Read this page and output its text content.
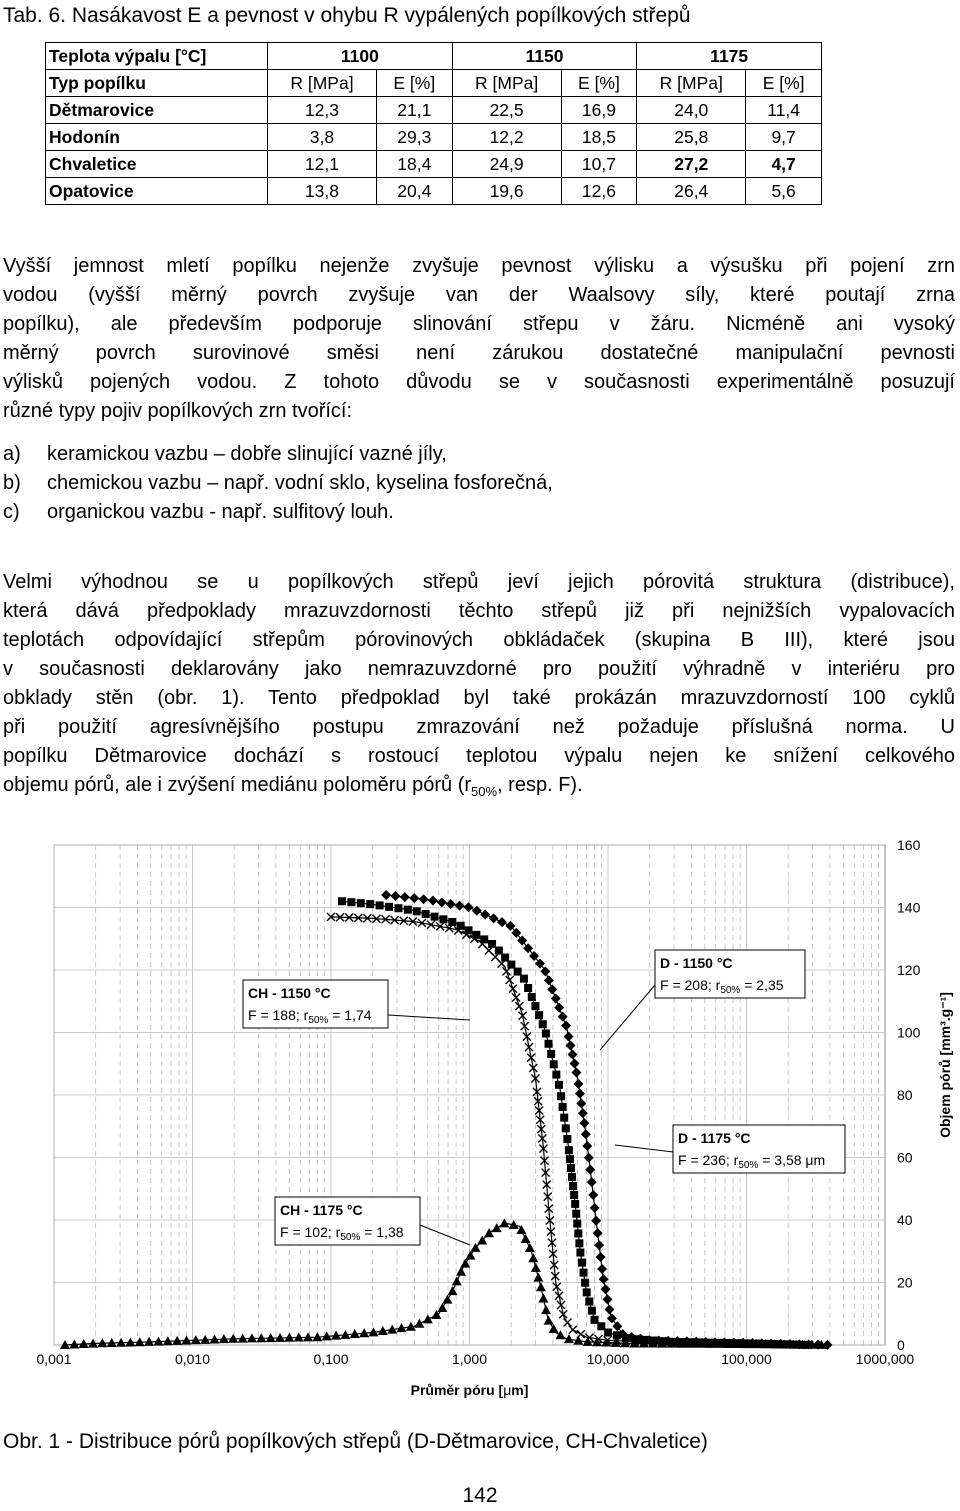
Tab. 6. Nasákavost E a pevnost v ohybu R vypálených popílkových střepů
Teplota výpalu [°C]	1100		1150		1175	
Typ popílku	R [MPa]	E [%]	R [MPa]	E [%]	R [MPa]	E [%]
Dětmarovice	12,3	21,1	22,5	16,9	24,0	11,4
Hodonín	3,8	29,3	12,2	18,5	25,8	9,7
Chvaletice	12,1	18,4	24,9	10,7	27,2	4,7
Opatovice	13,8	20,4	19,6	12,6	26,4	5,6
Vyšší jemnost mletí popílku nejenže zvyšuje pevnost výlisku a výsušku při pojení zrn
vodou (vyšší měrný povrch zvyšuje van der Waalsovy síly, které poutají zrna
popílku), ale především podporuje slinování střepu v žáru. Nicméně ani vysoký
měrný povrch surovinové směsi není zárukou dostatečné manipulační pevnosti
výlisků pojených vodou. Z tohoto důvodu se v současnosti experimentálně posuzují
různé typy pojiv popílkových zrn tvořící:
a) keramickou vazbu – dobře slinující vazné jíly,
b) chemickou vazbu – např. vodní sklo, kyselina fosforečná,
c) organickou vazbu - např. sulfitový louh.
Velmi výhodnou se u popílkových střepů jeví jejich pórovitá struktura (distribuce),
která dává předpoklady mrazuvzdornosti těchto střepů již při nejnižších vypalovacích
teplotách odpovídající střepům pórovinových obkládaček (skupina B III), které jsou
v současnosti deklarovány jako nemrazuvzdorné pro použití výhradně v interiéru pro
obklady stěn (obr. 1). Tento předpoklad byl také prokázán mrazuvzdorností 100 cyklů
při použití agresívnějšího postupu zmrazování než požaduje příslušná norma. U
popílku Dětmarovice dochází s rostoucí teplotou výpalu nejen ke snížení celkového
objemu pórů, ale i zvýšení mediánu poloměru pórů ($r_{50\%}$, resp. F).
0,001	0,010	0,100	1,000	10,000	100,000	1000,000
0
20
40
60
80
100
120
140
160
Průměr póru [μm]
Objem pórů [mm³.g⁻¹]
CH - 1150 °C
F = 188; $r_{50\%} = 1,74$
D - 1150 °C
F = 208; $r_{50\%} = 2,35$
D - 1175 °C
F = 236; $r_{50\%} = 3,58$ μm
CH - 1175 °C
F = 102; $r_{50\%} = 1,38$
Obr. 1 - Distribuce pórů popílkových střepů (D-Dětmarovice, CH-Chvaletice)
142
